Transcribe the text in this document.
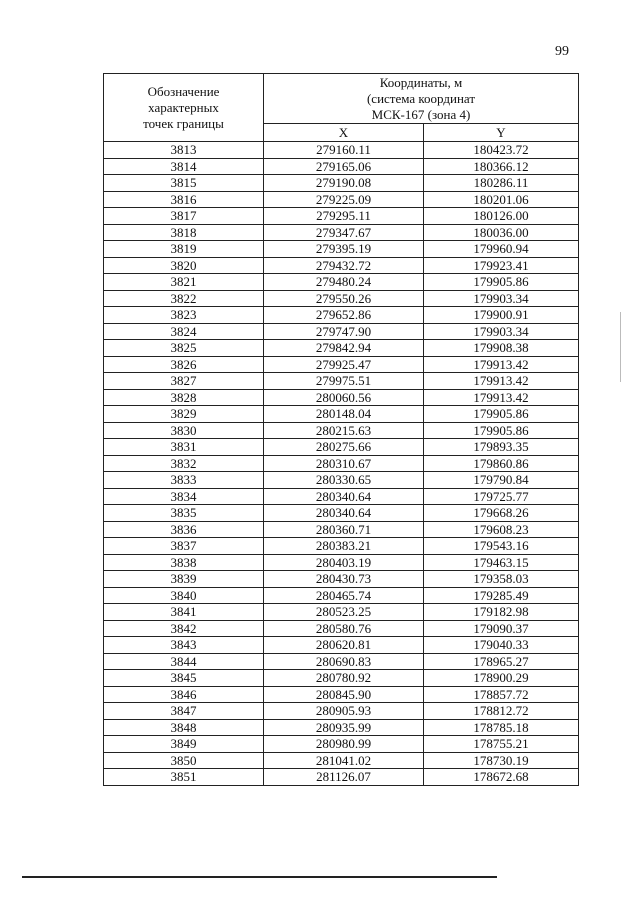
99
Обозначение
характерных
точек границы	Координаты, м
(система координат
МСК-167 (зона 4)	

	X	Y
3813	279160.11	180423.72
3814	279165.06	180366.12
3815	279190.08	180286.11
3816	279225.09	180201.06
3817	279295.11	180126.00
3818	279347.67	180036.00
3819	279395.19	179960.94
3820	279432.72	179923.41
3821	279480.24	179905.86
3822	279550.26	179903.34
3823	279652.86	179900.91
3824	279747.90	179903.34
3825	279842.94	179908.38
3826	279925.47	179913.42
3827	279975.51	179913.42
3828	280060.56	179913.42
3829	280148.04	179905.86
3830	280215.63	179905.86
3831	280275.66	179893.35
3832	280310.67	179860.86
3833	280330.65	179790.84
3834	280340.64	179725.77
3835	280340.64	179668.26
3836	280360.71	179608.23
3837	280383.21	179543.16
3838	280403.19	179463.15
3839	280430.73	179358.03
3840	280465.74	179285.49
3841	280523.25	179182.98
3842	280580.76	179090.37
3843	280620.81	179040.33
3844	280690.83	178965.27
3845	280780.92	178900.29
3846	280845.90	178857.72
3847	280905.93	178812.72
3848	280935.99	178785.18
3849	280980.99	178755.21
3850	281041.02	178730.19
3851	281126.07	178672.68
